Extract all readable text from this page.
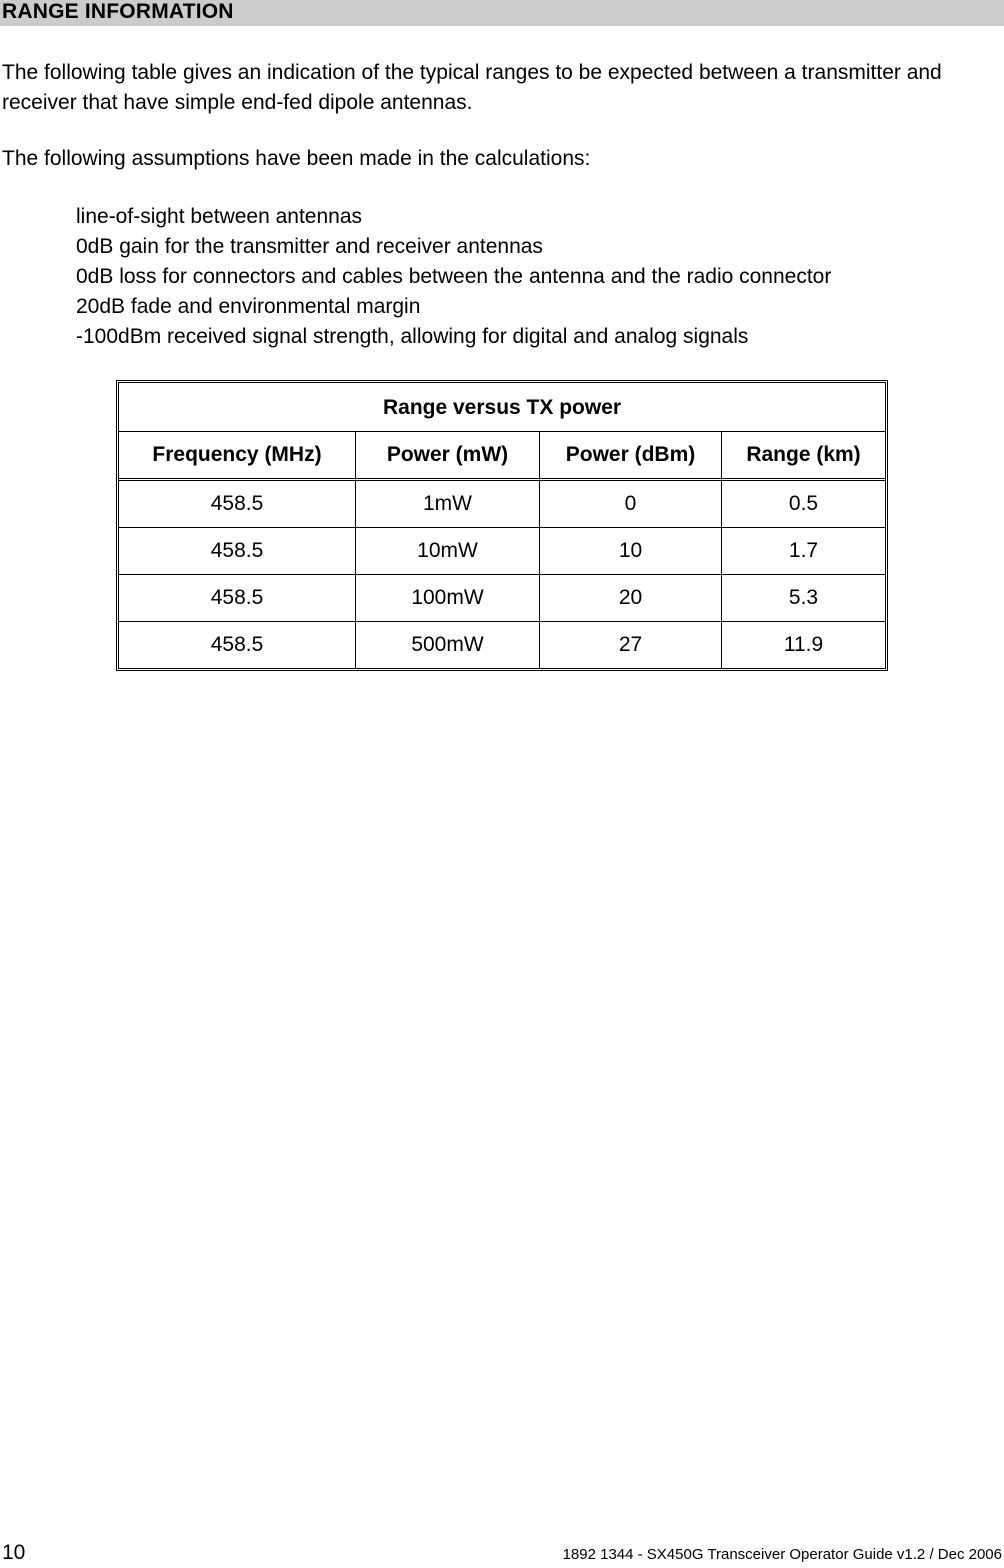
RANGE INFORMATION

The following table gives an indication of the typical ranges to be expected between a transmitter and receiver that have simple end-fed dipole antennas.

The following assumptions have been made in the calculations:

line-of-sight between antennas
0dB gain for the transmitter and receiver antennas
0dB loss for connectors and cables between the antenna and the radio connector
20dB fade and environmental margin
-100dBm received signal strength, allowing for digital and analog signals
Range versus TX power			
Frequency (MHz)	Power (mW)	Power (dBm)	Range (km)
458.5	1mW	0	0.5
458.5	10mW	10	1.7
458.5	100mW	20	5.3
458.5	500mW	27	11.9
10	1892 1344 - SX450G Transceiver Operator Guide v1.2 / Dec 2006
